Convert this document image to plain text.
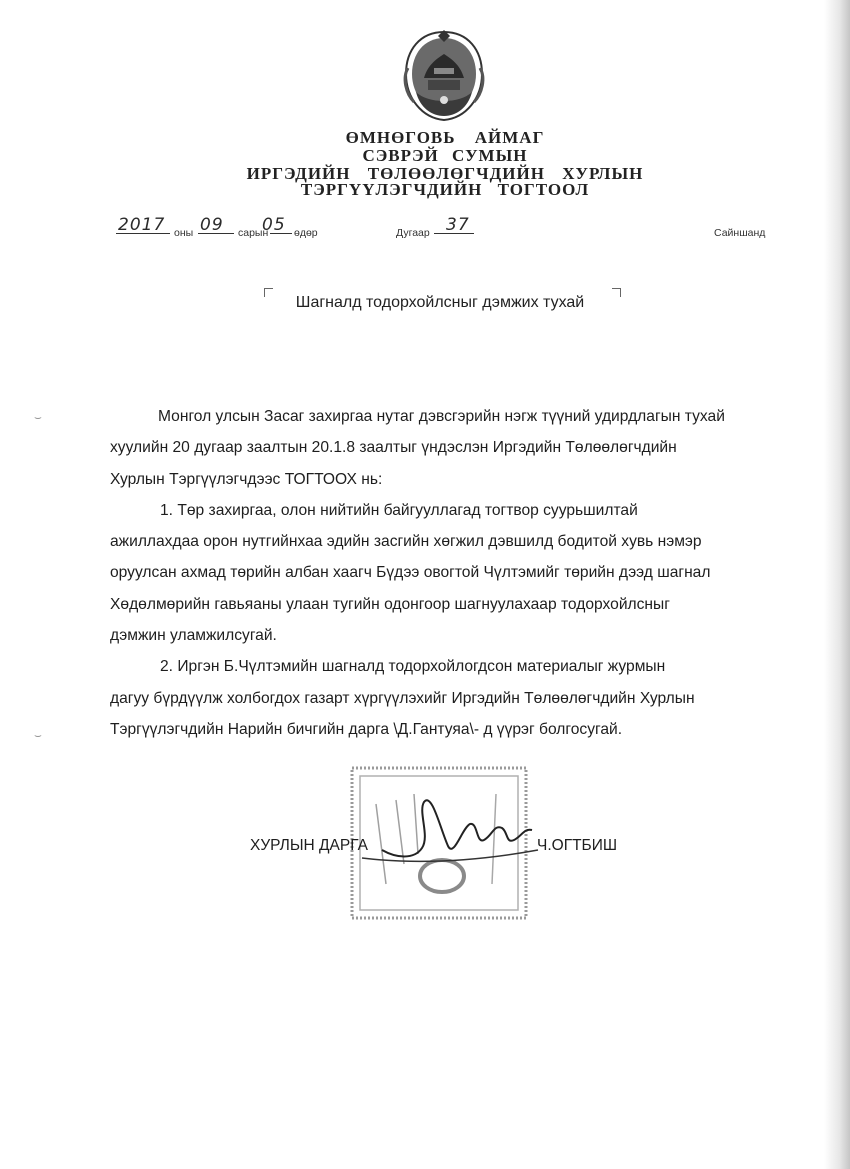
ӨМНӨГОВЬ АЙМАГ
СЭВРЭЙ СУМЫН
ИРГЭДИЙН ТӨЛӨӨЛӨГЧДИЙН ХУРЛЫН
ТЭРГҮҮЛЭГЧДИЙН ТОГТООЛ
2017 оны 09 сарын
05 өдөр	Дугаар 37	Сайншанд
Шагналд тодорхойлсныг дэмжих тухай

Монгол улсын Засаг захиргаа нутаг дэвсгэрийн нэгж түүний удирдлагын тухай

хуулийн 20 дугаар заалтын 20.1.8 заалтыг үндэслэн Иргэдийн Төлөөлөгчдийн

Хурлын Тэргүүлэгчдээс ТОГТООХ нь:

1. Төр захиргаа, олон нийтийн байгууллагад тогтвор суурьшилтай

ажиллахдаа орон нутгийнхаа эдийн засгийн хөгжил дэвшилд бодитой хувь нэмэр

оруулсан ахмад төрийн албан хаагч Бүдээ овогтой Чүлтэмийг төрийн дээд шагнал

Хөдөлмөрийн гавьяаны улаан тугийн одонгоор шагнуулахаар тодорхойлсныг

дэмжин уламжилсугай.

2. Иргэн Б.Чүлтэмийн шагналд тодорхойлогдсон материалыг журмын

дагуу бүрдүүлж холбогдох газарт хүргүүлэхийг Иргэдийн Төлөөлөгчдийн Хурлын

Тэргүүлэгчдийн Нарийн бичгийн дарга \Д.Гантуяа\- д үүрэг болгосугай.

ХУРЛЫН ДАРГА	Ч.ОГТБИШ
⌣
⌣
